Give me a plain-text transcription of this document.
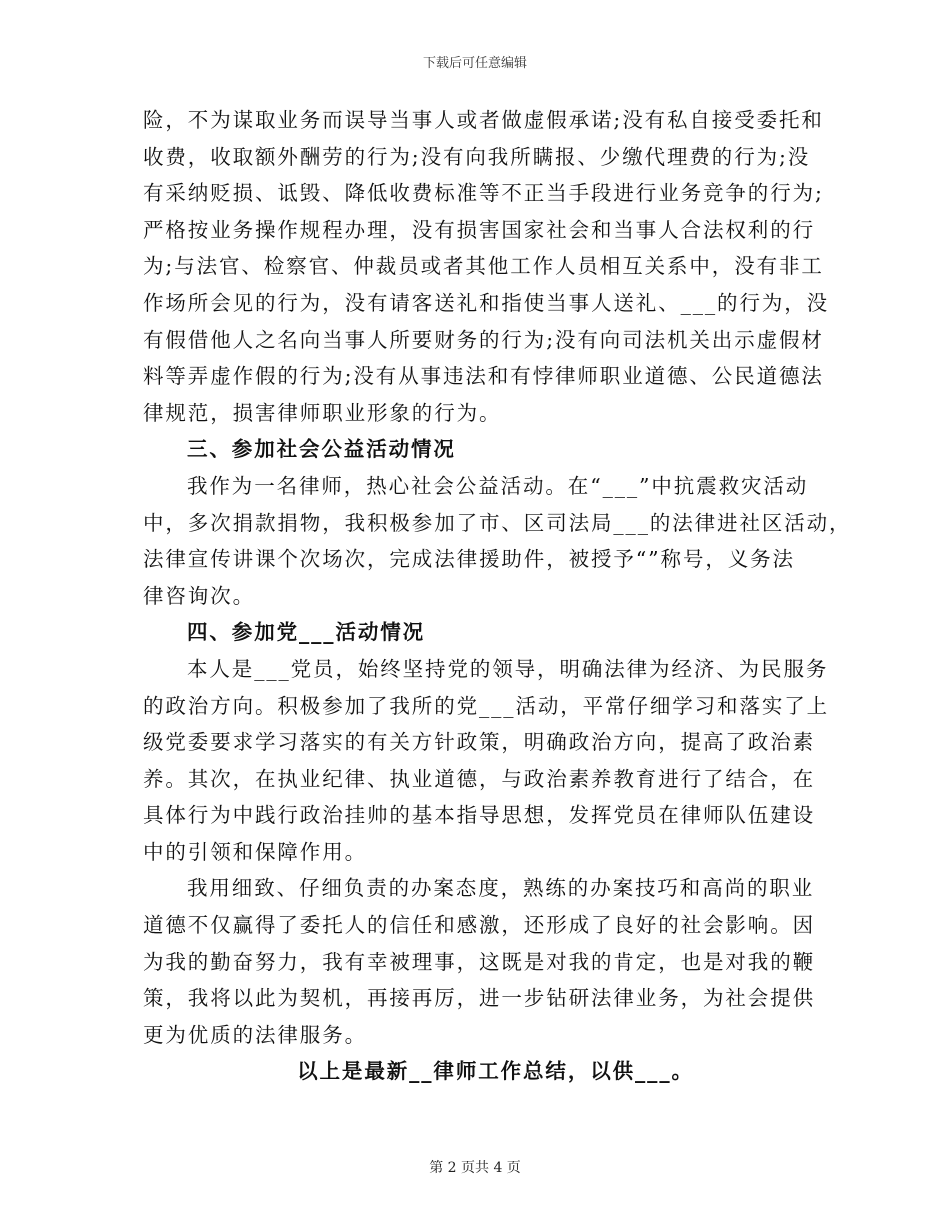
下载后可任意编辑
险，不为谋取业务而误导当事人或者做虚假承诺;没有私自接受委托和
收费，收取额外酬劳的行为;没有向我所瞒报、少缴代理费的行为;没
有采纳贬损、诋毁、降低收费标准等不正当手段进行业务竞争的行为;
严格按业务操作规程办理，没有损害国家社会和当事人合法权利的行
为;与法官、检察官、仲裁员或者其他工作人员相互关系中，没有非工
作场所会见的行为，没有请客送礼和指使当事人送礼、___的行为，没
有假借他人之名向当事人所要财务的行为;没有向司法机关出示虚假材
料等弄虚作假的行为;没有从事违法和有悖律师职业道德、公民道德法
律规范，损害律师职业形象的行为。
三、参加社会公益活动情况
我作为一名律师，热心社会公益活动。在“___”中抗震救灾活动
中，多次捐款捐物，我积极参加了市、区司法局___的法律进社区活动，
法律宣传讲课个次场次，完成法律援助件，被授予“”称号，义务法
律咨询次。
四、参加党___活动情况
本人是___党员，始终坚持党的领导，明确法律为经济、为民服务
的政治方向。积极参加了我所的党___活动，平常仔细学习和落实了上
级党委要求学习落实的有关方针政策，明确政治方向，提高了政治素
养。其次，在执业纪律、执业道德，与政治素养教育进行了结合，在
具体行为中践行政治挂帅的基本指导思想，发挥党员在律师队伍建设
中的引领和保障作用。
我用细致、仔细负责的办案态度，熟练的办案技巧和高尚的职业
道德不仅赢得了委托人的信任和感激，还形成了良好的社会影响。因
为我的勤奋努力，我有幸被理事，这既是对我的肯定，也是对我的鞭
策，我将以此为契机，再接再厉，进一步钻研法律业务，为社会提供
更为优质的法律服务。
以上是最新__律师工作总结，以供___。
第 2 页共 4 页
